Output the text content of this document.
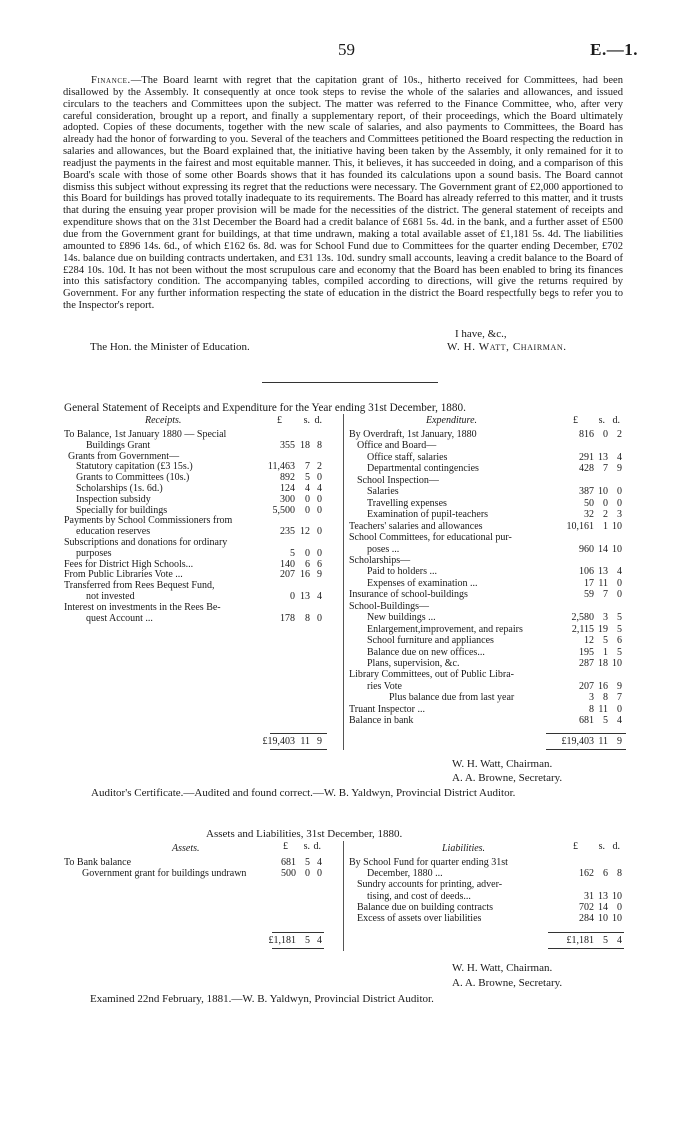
59	E.—1.

Finance.—The Board learnt with regret that the capitation grant of 10s., hitherto received for Committees, had been disallowed by the Assembly. It consequently at once took steps to revise the whole of the salaries and allowances, and issued circulars to the teachers and Committees upon the subject. The matter was referred to the Finance Committee, who, after very careful consideration, brought up a report, and finally a supplementary report, of their proceedings, which the Board ultimately adopted. Copies of these documents, together with the new scale of salaries, and also payments to Committees, the Board has already had the honor of forwarding to you. Several of the teachers and Committees petitioned the Board respecting the reduction in salaries and allowances, but the Board explained that, the initiative having been taken by the Assembly, it only remained for it to readjust the payments in the fairest and most equitable manner. This, it believes, it has succeeded in doing, and a comparison of this Board's scale with those of some other Boards shows that it has founded its calculations upon a sound basis. The Board cannot dismiss this subject without expressing its regret that the reductions were necessary. The Government grant of £2,000 apportioned to this Board for buildings has proved totally inadequate to its requirements. The Board has already referred to this matter, and it trusts that during the ensuing year proper provision will be made for the necessities of the district. The general statement of receipts and expenditure shows that on the 31st December the Board had a credit balance of £681 5s. 4d. in the bank, and a further asset of £500 due from the Government grant for buildings, at that time undrawn, making a total available asset of £1,181 5s. 4d. The liabilities amounted to £896 14s. 6d., of which £162 6s. 8d. was for School Fund due to Committees for the quarter ending December, £702 14s. balance due on building contracts undertaken, and £31 13s. 10d. sundry small accounts, leaving a credit balance to the Board of £284 10s. 10d. It has not been without the most scrupulous care and economy that the Board has been enabled to bring its finances into this satisfactory condition. The accompanying tables, compiled according to directions, will give the returns required by Government. For any further information respecting the state of education in the district the Board respectfully begs to refer you to the Inspector's report.

I have, &c.,
The Hon. the Minister of Education.	W. H. Watt, Chairman.
General Statement of Receipts and Expenditure for the Year ending 31st December, 1880.
Receipts.	Expenditure.
£ s. d.	£ s. d.
To Balance, 1st January 1880 — Special
Buildings Grant	355 18 8
Grants from Government—
Statutory capitation (£3 15s.)	11,463 7 2
Grants to Committees (10s.)	892 5 0
Scholarships (1s. 6d.)	124 4 4
Inspection subsidy	300 0 0
Specially for buildings	5,500 0 0
Payments by School Commissioners from
education reserves	235 12 0
Subscriptions and donations for ordinary
purposes	5 0 0
Fees for District High Schools...	140 6 6
From Public Libraries Vote ...	207 16 9
Transferred from Rees Bequest Fund,
not invested	0 13 4
Interest on investments in the Rees Be-
quest Account ...	178 8 0
£19,403 11 9
By Overdraft, 1st January, 1880	816 0 2
Office and Board—
Office staff, salaries	291 13 4
Departmental contingencies	428 7 9
School Inspection—
Salaries	387 10 0
Travelling expenses	50 0 0
Examination of pupil-teachers	32 2 3
Teachers' salaries and allowances	10,161 1 10
School Committees, for educational pur-
poses ...	960 14 10
Scholarships—
Paid to holders ...	106 13 4
Expenses of examination ...	17 11 0
Insurance of school-buildings	59 7 0
School-Buildings—
New buildings ...	2,580 3 5
Enlargement,improvement, and repairs	2,115 19 5
School furniture and appliances	12 5 6
Balance due on new offices...	195 1 5
Plans, supervision, &c.	287 18 10
Library Committees, out of Public Libra-
ries Vote	207 16 9
Plus balance due from last year	3 8 7
Truant Inspector ...	8 11 0
Balance in bank	681 5 4
£19,403 11 9
W. H. Watt, Chairman.
A. A. Browne, Secretary.
Auditor's Certificate.—Audited and found correct.—W. B. Yaldwyn, Provincial District Auditor.
Assets and Liabilities, 31st December, 1880.
Assets.	Liabilities.
£ s. d.	£ s. d.
To Bank balance	681 5 4
Government grant for buildings undrawn	500 0 0
£1,181 5 4
By School Fund for quarter ending 31st
December, 1880 ...	162 6 8
Sundry accounts for printing, adver-
tising, and cost of deeds...	31 13 10
Balance due on building contracts	702 14 0
Excess of assets over liabilities	284 10 10
£1,181 5 4
W. H. Watt, Chairman.
A. A. Browne, Secretary.
Examined 22nd February, 1881.—W. B. Yaldwyn, Provincial District Auditor.
